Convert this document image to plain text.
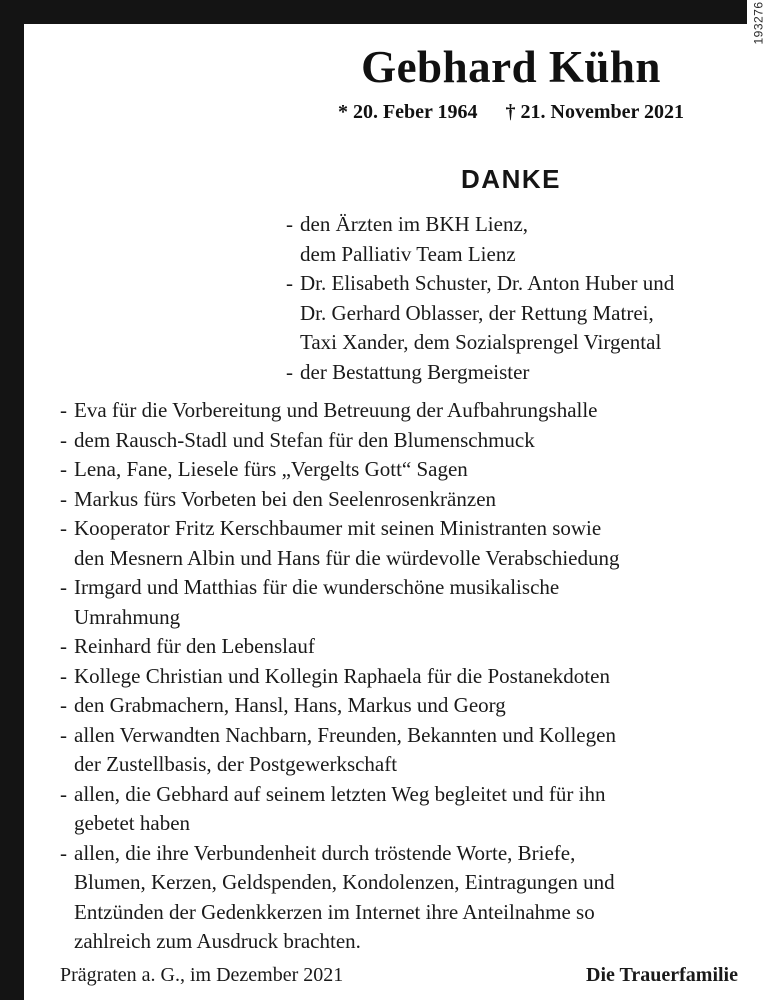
Gebhard Kühn
* 20. Feber 1964 † 21. November 2021
DANKE
- den Ärzten im BKH Lienz,
dem Palliativ Team Lienz
- Dr. Elisabeth Schuster, Dr. Anton Huber und
Dr. Gerhard Oblasser, der Rettung Matrei,
Taxi Xander, dem Sozialsprengel Virgental
- der Bestattung Bergmeister
- Eva für die Vorbereitung und Betreuung der Aufbahrungshalle
- dem Rausch-Stadl und Stefan für den Blumenschmuck
- Lena, Fane, Liesele fürs „Vergelts Gott“ Sagen
- Markus fürs Vorbeten bei den Seelenrosenkränzen
- Kooperator Fritz Kerschbaumer mit seinen Ministranten sowie
den Mesnern Albin und Hans für die würdevolle Verabschiedung
- Irmgard und Matthias für die wunderschöne musikalische
Umrahmung
- Reinhard für den Lebenslauf
- Kollege Christian und Kollegin Raphaela für die Postanekdoten
- den Grabmachern, Hansl, Hans, Markus und Georg
- allen Verwandten Nachbarn, Freunden, Bekannten und Kollegen
der Zustellbasis, der Postgewerkschaft
- allen, die Gebhard auf seinem letzten Weg begleitet und für ihn
gebetet haben
- allen, die ihre Verbundenheit durch tröstende Worte, Briefe,
Blumen, Kerzen, Geldspenden, Kondolenzen, Eintragungen und
Entzünden der Gedenkkerzen im Internet ihre Anteilnahme so
zahlreich zum Ausdruck brachten.
Prägraten a. G., im Dezember 2021	Die Trauerfamilie
193276
